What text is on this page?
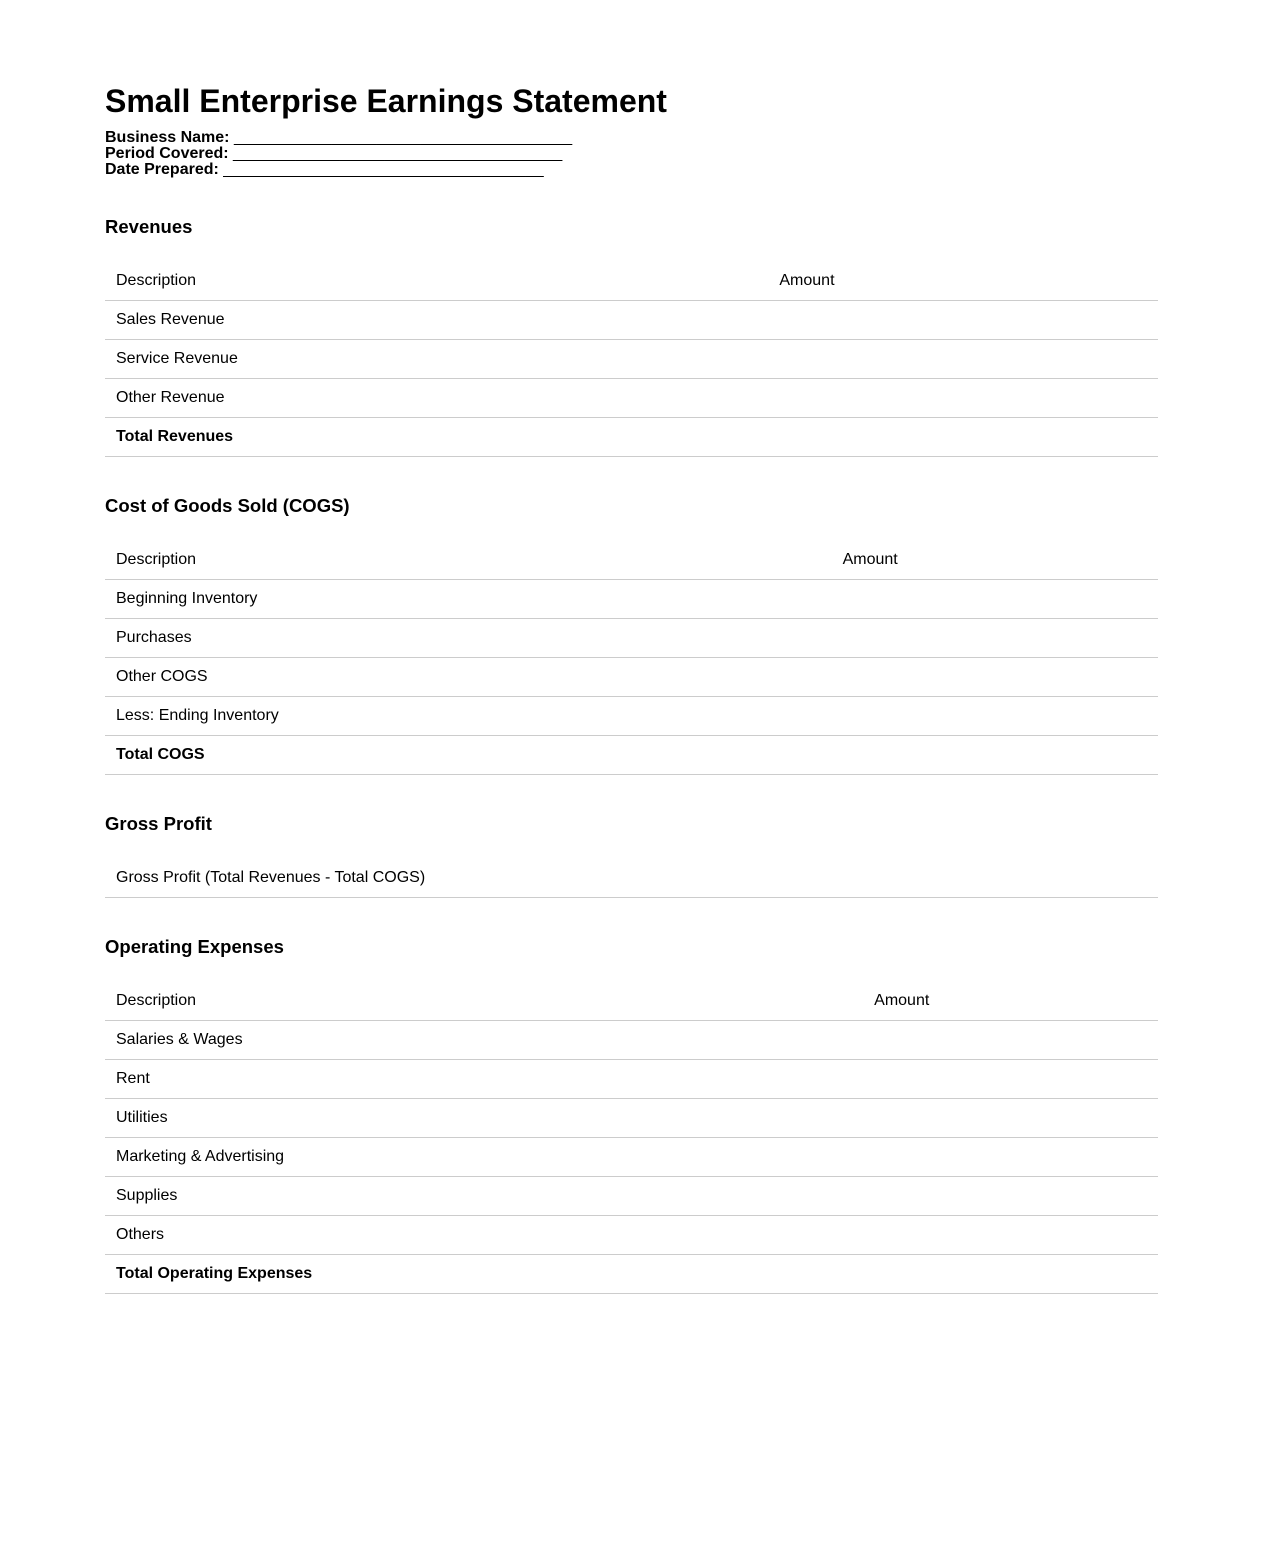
Small Enterprise Earnings Statement
Business Name: ______________________________________
Period Covered: _____________________________________
Date Prepared: ____________________________________
Revenues
Description	Amount
Sales Revenue	
Service Revenue	
Other Revenue	
Total Revenues	
Cost of Goods Sold (COGS)
Description	Amount
Beginning Inventory	
Purchases	
Other COGS	
Less: Ending Inventory	
Total COGS	
Gross Profit
Gross Profit (Total Revenues - Total COGS)	
Operating Expenses
Description	Amount
Salaries & Wages	
Rent	
Utilities	
Marketing & Advertising	
Supplies	
Others	
Total Operating Expenses	
